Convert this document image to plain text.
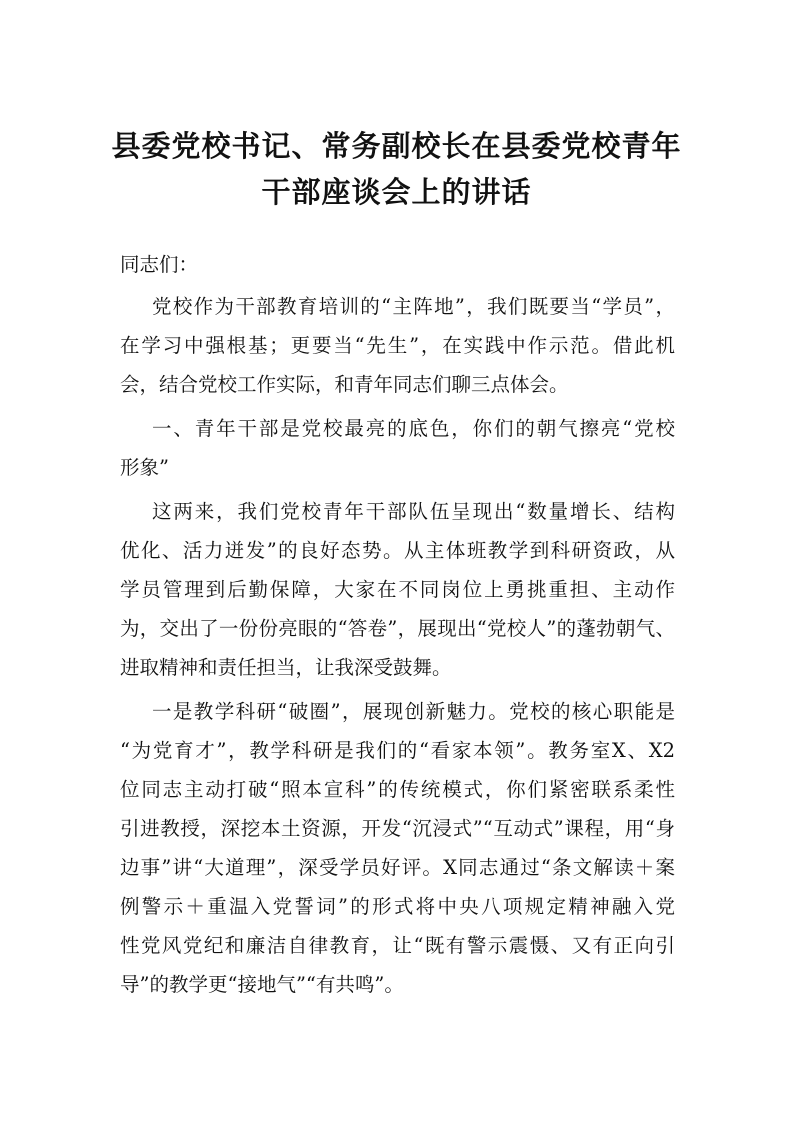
县委党校书记、常务副校长在县委党校青年
干部座谈会上的讲话
同志们：
党校作为干部教育培训的“主阵地”，我们既要当“学员”，
在学习中强根基；更要当“先生”，在实践中作示范。借此机
会，结合党校工作实际，和青年同志们聊三点体会。
一、青年干部是党校最亮的底色，你们的朝气擦亮“党校
形象”
这两来，我们党校青年干部队伍呈现出“数量增长、结构
优化、活力迸发”的良好态势。从主体班教学到科研资政，从
学员管理到后勤保障，大家在不同岗位上勇挑重担、主动作
为，交出了一份份亮眼的“答卷”，展现出“党校人”的蓬勃朝气、
进取精神和责任担当，让我深受鼓舞。
一是教学科研“破圈”，展现创新魅力。党校的核心职能是
“为党育才”，教学科研是我们的“看家本领”。教务室X、X2
位同志主动打破“照本宣科”的传统模式，你们紧密联系柔性
引进教授，深挖本土资源，开发“沉浸式”“互动式”课程，用“身
边事”讲“大道理”，深受学员好评。X同志通过“条文解读＋案
例警示＋重温入党誓词”的形式将中央八项规定精神融入党
性党风党纪和廉洁自律教育，让“既有警示震慑、又有正向引
导”的教学更“接地气”“有共鸣”。
